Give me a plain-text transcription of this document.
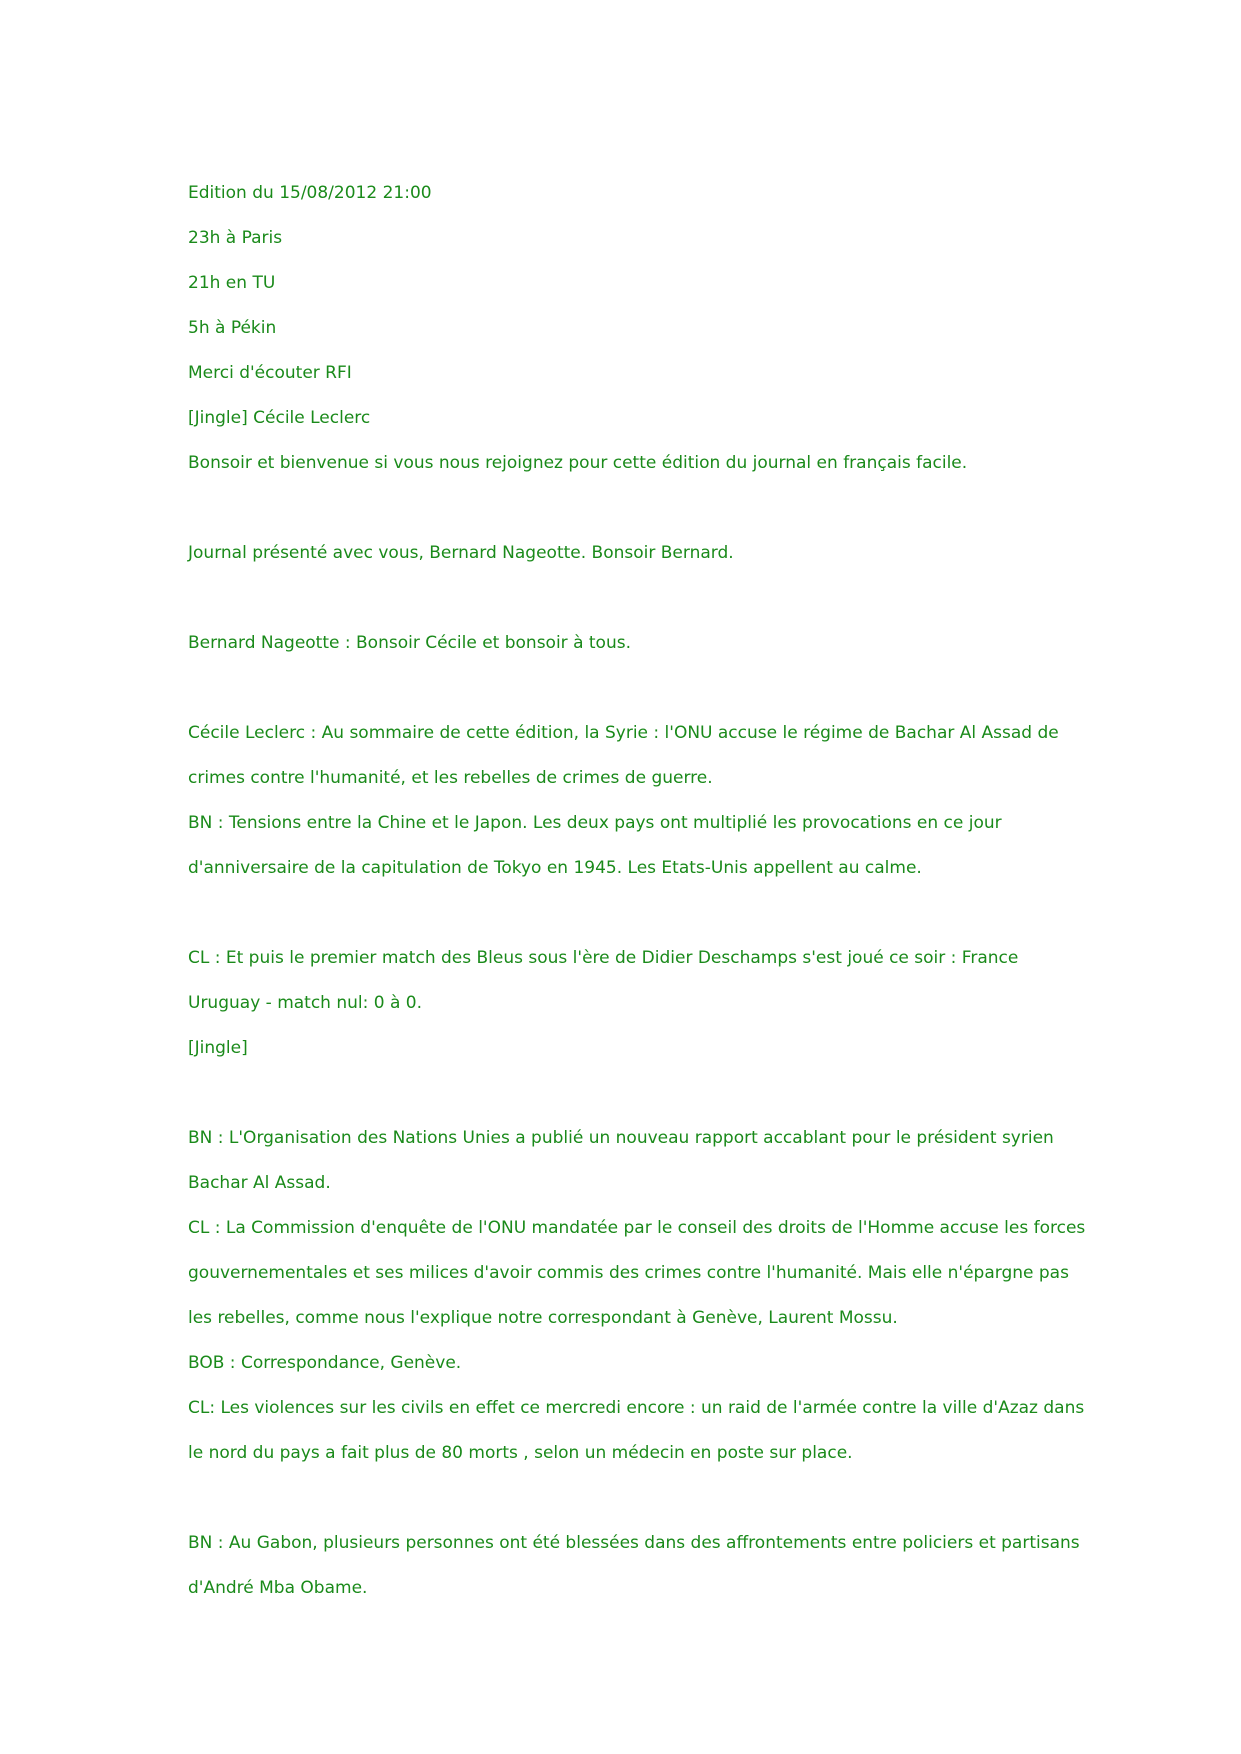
Edition du 15/08/2012 21:00
23h à Paris
21h en TU
5h à Pékin
Merci d'écouter RFI
[Jingle] Cécile Leclerc
Bonsoir et bienvenue si vous nous rejoignez pour cette édition du journal en français facile.
Journal présenté avec vous, Bernard Nageotte. Bonsoir Bernard.
Bernard Nageotte : Bonsoir Cécile et bonsoir à tous.
Cécile Leclerc : Au sommaire de cette édition, la Syrie : l'ONU accuse le régime de Bachar Al Assad de
crimes contre l'humanité, et les rebelles de crimes de guerre.
BN : Tensions entre la Chine et le Japon. Les deux pays ont multiplié les provocations en ce jour
d'anniversaire de la capitulation de Tokyo en 1945. Les Etats-Unis appellent au calme.
CL : Et puis le premier match des Bleus sous l'ère de Didier Deschamps s'est joué ce soir : France
Uruguay - match nul: 0 à 0.
[Jingle]
BN : L'Organisation des Nations Unies a publié un nouveau rapport accablant pour le président syrien
Bachar Al Assad.
CL : La Commission d'enquête de l'ONU mandatée par le conseil des droits de l'Homme accuse les forces
gouvernementales et ses milices d'avoir commis des crimes contre l'humanité. Mais elle n'épargne pas
les rebelles, comme nous l'explique notre correspondant à Genève, Laurent Mossu.
BOB : Correspondance, Genève.
CL: Les violences sur les civils en effet ce mercredi encore : un raid de l'armée contre la ville d'Azaz dans
le nord du pays a fait plus de 80 morts , selon un médecin en poste sur place.
BN : Au Gabon, plusieurs personnes ont été blessées dans des affrontements entre policiers et partisans
d'André Mba Obame.
